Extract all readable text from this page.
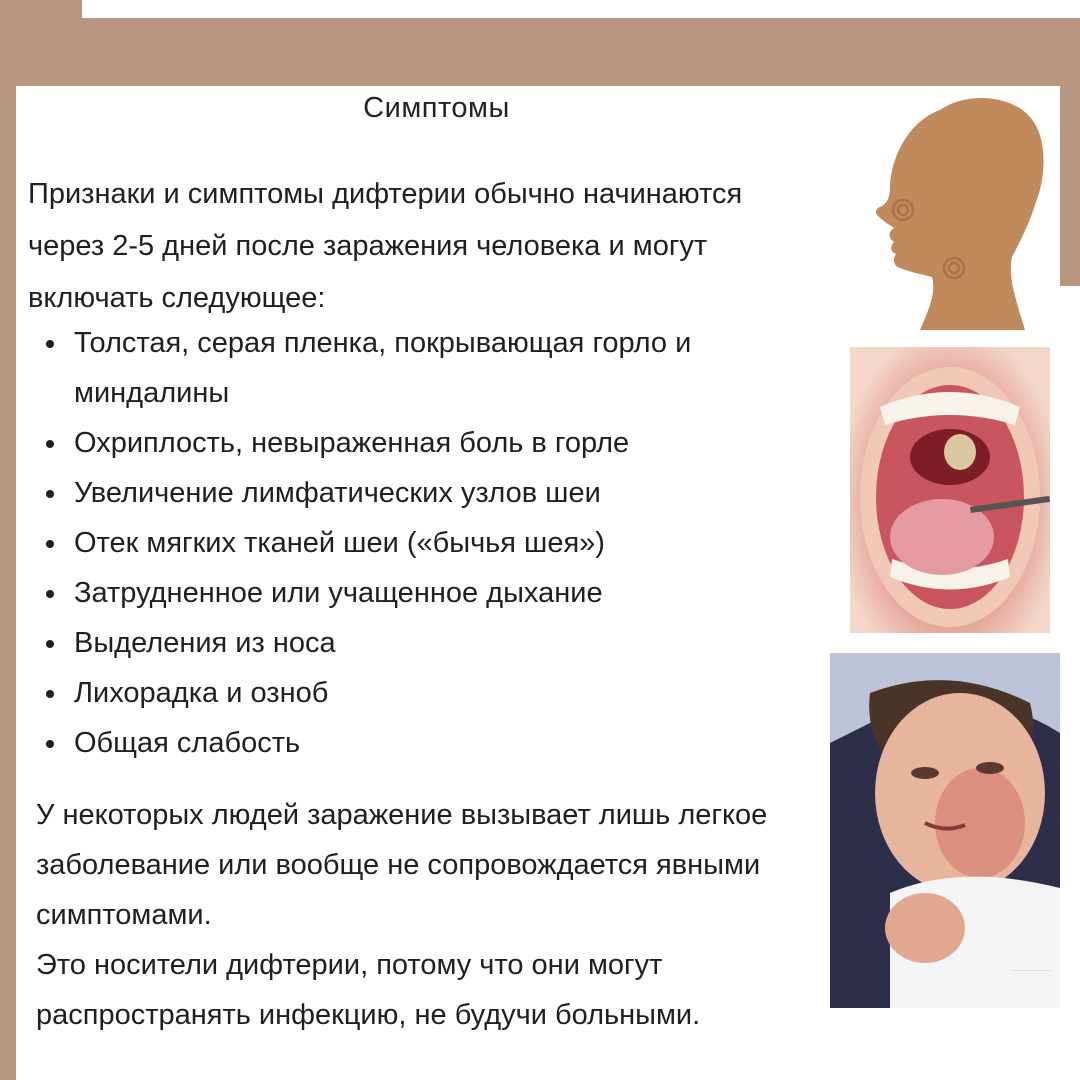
Симптомы
Признаки и симптомы дифтерии обычно начинаются через 2-5 дней после заражения человека и могут включать следующее:
Толстая, серая пленка, покрывающая горло и миндалины
Охриплость, невыраженная боль в горле
Увеличение лимфатических узлов шеи
Отек мягких тканей шеи («бычья шея»)
Затрудненное или учащенное дыхание
Выделения из носа
Лихорадка и озноб
Общая слабость

У некоторых людей заражение вызывает лишь легкое заболевание или вообще не сопровождается явными симптомами.

Это носители дифтерии, потому что они могут распространять инфекцию, не будучи больными.

CDC
